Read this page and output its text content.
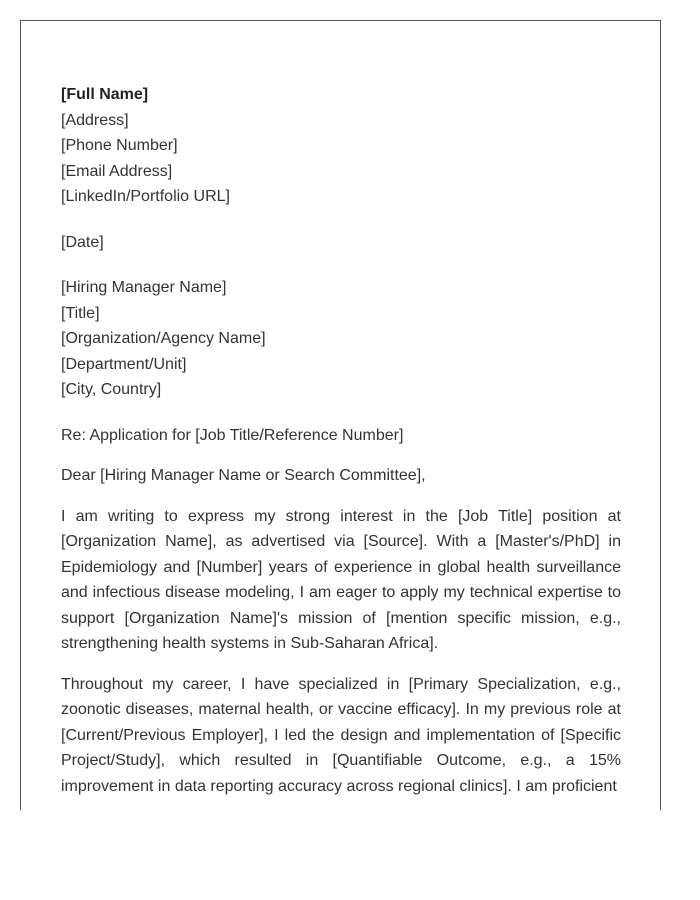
[Full Name]
[Address]
[Phone Number]
[Email Address]
[LinkedIn/Portfolio URL]
[Date]
[Hiring Manager Name]
[Title]
[Organization/Agency Name]
[Department/Unit]
[City, Country]
Re: Application for [Job Title/Reference Number]
Dear [Hiring Manager Name or Search Committee],

I am writing to express my strong interest in the [Job Title] position at [Organization Name], as advertised via [Source]. With a [Master's/PhD] in Epidemiology and [Number] years of experience in global health surveillance and infectious disease modeling, I am eager to apply my technical expertise to support [Organization Name]'s mission of [mention specific mission, e.g., strengthening health systems in Sub-Saharan Africa].

Throughout my career, I have specialized in [Primary Specialization, e.g., zoonotic diseases, maternal health, or vaccine efficacy]. In my previous role at [Current/Previous Employer], I led the design and implementation of [Specific Project/Study], which resulted in [Quantifiable Outcome, e.g., a 15% improvement in data reporting accuracy across regional clinics]. I am proficient
